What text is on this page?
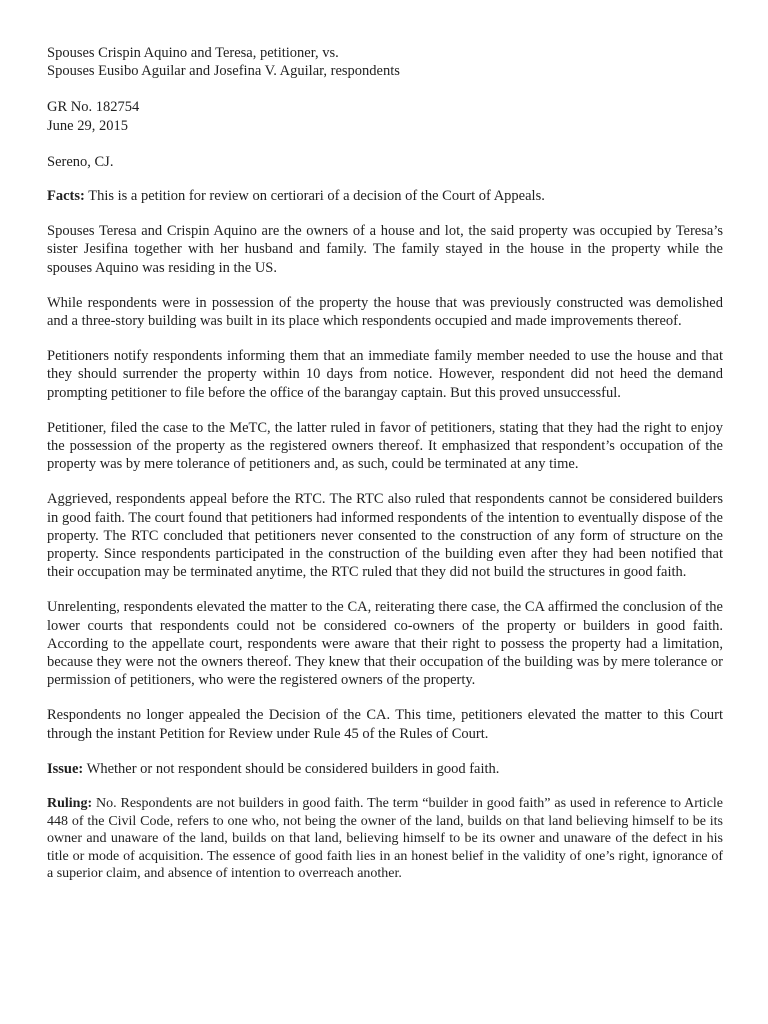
Spouses Crispin Aquino and Teresa, petitioner, vs.
Spouses Eusibo Aguilar and Josefina V. Aguilar, respondents
GR No. 182754
June 29, 2015
Sereno, CJ.

Facts: This is a petition for review on certiorari of a decision of the Court of Appeals.

Spouses Teresa and Crispin Aquino are the owners of a house and lot, the said property was occupied by Teresa’s sister Jesifina together with her husband and family. The family stayed in the house in the property while the spouses Aquino was residing in the US.

While respondents were in possession of the property the house that was previously constructed was demolished and a three-story building was built in its place which respondents occupied and made improvements thereof.

Petitioners notify respondents informing them that an immediate family member needed to use the house and that they should surrender the property within 10 days from notice. However, respondent did not heed the demand prompting petitioner to file before the office of the barangay captain. But this proved unsuccessful.

Petitioner, filed the case to the MeTC, the latter ruled in favor of petitioners, stating that they had the right to enjoy the possession of the property as the registered owners thereof. It emphasized that respondent’s occupation of the property was by mere tolerance of petitioners and, as such, could be terminated at any time.

Aggrieved, respondents appeal before the RTC. The RTC also ruled that respondents cannot be considered builders in good faith. The court found that petitioners had informed respondents of the intention to eventually dispose of the property. The RTC concluded that petitioners never consented to the construction of any form of structure on the property. Since respondents participated in the construction of the building even after they had been notified that their occupation may be terminated anytime, the RTC ruled that they did not build the structures in good faith.

Unrelenting, respondents elevated the matter to the CA, reiterating there case, the CA affirmed the conclusion of the lower courts that respondents could not be considered co-owners of the property or builders in good faith. According to the appellate court, respondents were aware that their right to possess the property had a limitation, because they were not the owners thereof. They knew that their occupation of the building was by mere tolerance or permission of petitioners, who were the registered owners of the property.

Respondents no longer appealed the Decision of the CA. This time, petitioners elevated the matter to this Court through the instant Petition for Review under Rule 45 of the Rules of Court.

Issue: Whether or not respondent should be considered builders in good faith.

Ruling: No. Respondents are not builders in good faith. The term “builder in good faith” as used in reference to Article 448 of the Civil Code, refers to one who, not being the owner of the land, builds on that land believing himself to be its owner and unaware of the land, builds on that land, believing himself to be its owner and unaware of the defect in his title or mode of acquisition. The essence of good faith lies in an honest belief in the validity of one’s right, ignorance of a superior claim, and absence of intention to overreach another.
